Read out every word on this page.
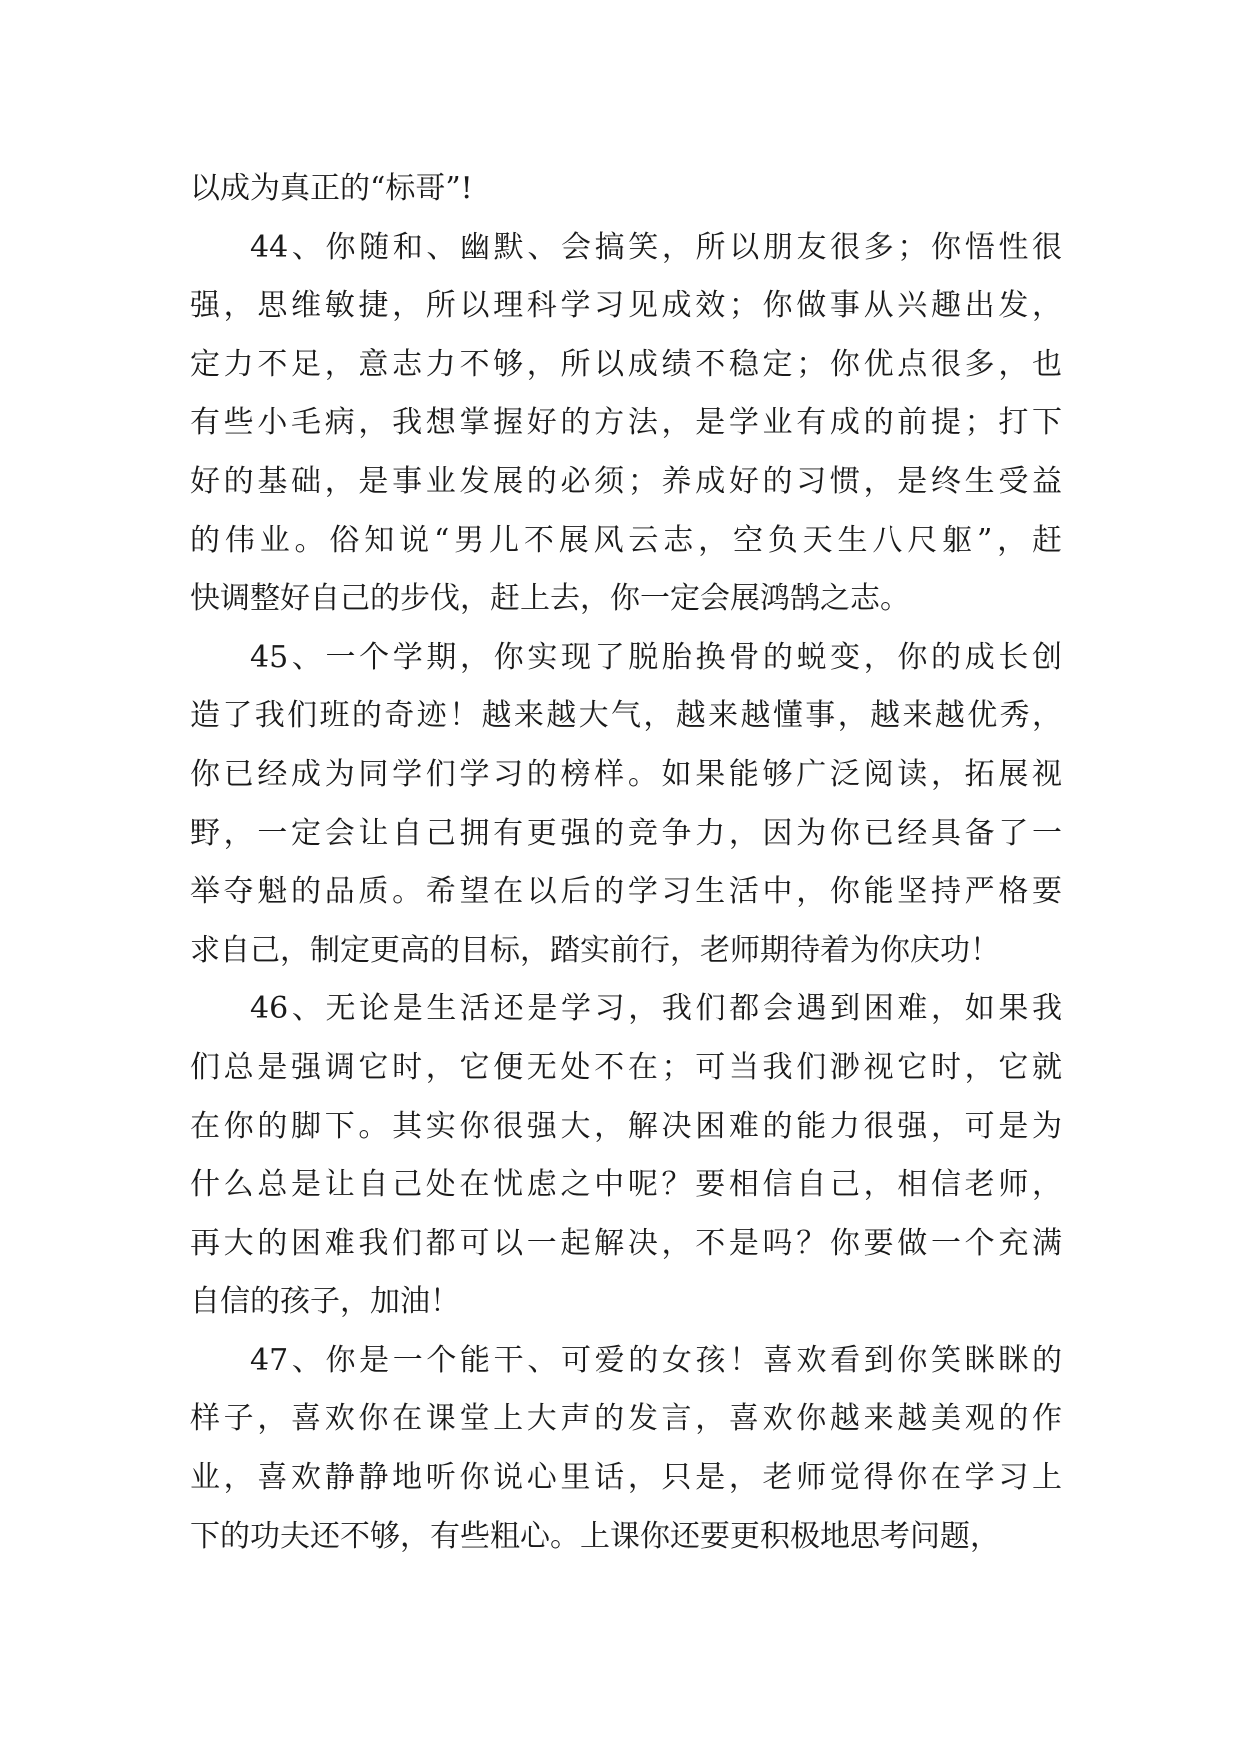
以成为真正的“标哥”!
44、你随和、幽默、会搞笑，所以朋友很多；你悟性很
强，思维敏捷，所以理科学习见成效；你做事从兴趣出发，
定力不足，意志力不够，所以成绩不稳定；你优点很多，也
有些小毛病，我想掌握好的方法，是学业有成的前提；打下
好的基础，是事业发展的必须；养成好的习惯，是终生受益
的伟业。俗知说“男儿不展风云志，空负天生八尺躯”，赶
快调整好自己的步伐，赶上去，你一定会展鸿鹄之志。
45、一个学期，你实现了脱胎换骨的蜕变，你的成长创
造了我们班的奇迹！越来越大气，越来越懂事，越来越优秀，
你已经成为同学们学习的榜样。如果能够广泛阅读，拓展视
野，一定会让自己拥有更强的竞争力，因为你已经具备了一
举夺魁的品质。希望在以后的学习生活中，你能坚持严格要
求自己，制定更高的目标，踏实前行，老师期待着为你庆功！
46、无论是生活还是学习，我们都会遇到困难，如果我
们总是强调它时，它便无处不在；可当我们渺视它时，它就
在你的脚下。其实你很强大，解决困难的能力很强，可是为
什么总是让自己处在忧虑之中呢？要相信自己，相信老师，
再大的困难我们都可以一起解决，不是吗？你要做一个充满
自信的孩子，加油！
47、你是一个能干、可爱的女孩！喜欢看到你笑眯眯的
样子，喜欢你在课堂上大声的发言，喜欢你越来越美观的作
业，喜欢静静地听你说心里话，只是，老师觉得你在学习上
下的功夫还不够，有些粗心。上课你还要更积极地思考问题，
